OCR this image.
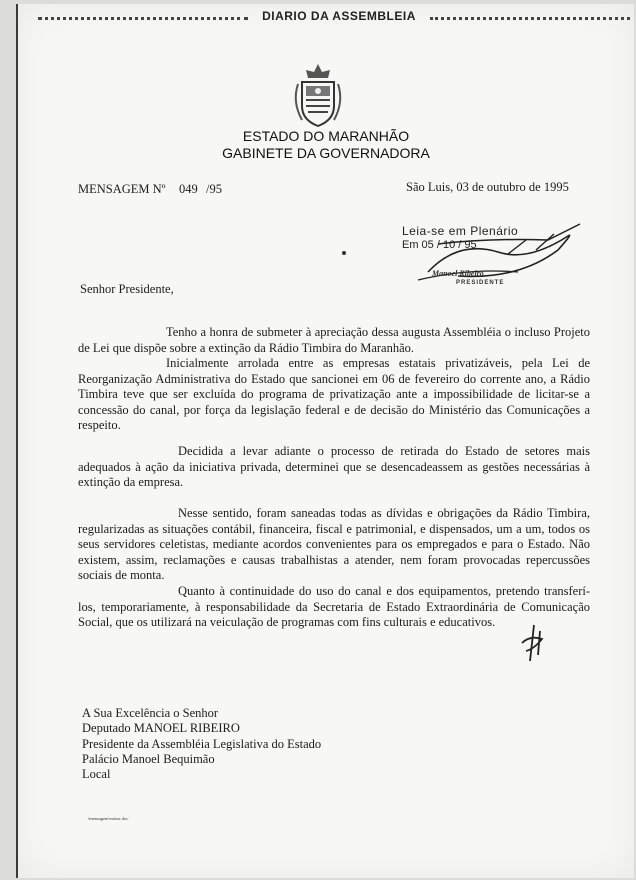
DIARIO DA ASSEMBLEIA
ESTADO DO MARANHÃO
GABINETE DA GOVERNADORA
MENSAGEM Nº 049 /95	São Luis, 03 de outubro de 1995
Leia-se em Plenário
Em 05 / 10 / 95
Manoel Ribeiro
PRESIDENTE
Senhor Presidente,
Tenho a honra de submeter à apreciação dessa augusta Assembléia o incluso Projeto de Lei que dispõe sobre a extinção da Rádio Timbira do Maranhão.
Inicialmente arrolada entre as empresas estatais privatizáveis, pela Lei de Reorganização Administrativa do Estado que sancionei em 06 de fevereiro do corrente ano, a Rádio Timbira teve que ser excluída do programa de privatização ante a impossibilidade de licitar-se a concessão do canal, por força da legislação federal e de decisão do Ministério das Comunicações a respeito.
Decidida a levar adiante o processo de retirada do Estado de setores mais adequados à ação da iniciativa privada, determinei que se desencadeassem as gestões necessárias à extinção da empresa.
Nesse sentido, foram saneadas todas as dívidas e obrigações da Rádio Timbira, regularizadas as situações contábil, financeira, fiscal e patrimonial, e dispensados, um a um, todos os seus servidores celetistas, mediante acordos convenientes para os empregados e para o Estado. Não existem, assim, reclamações e causas trabalhistas a atender, nem foram provocadas repercussões sociais de monta.
Quanto à continuidade do uso do canal e dos equipamentos, pretendo transferí-los, temporariamente, à responsabilidade da Secretaria de Estado Extraordinária de Comunicação Social, que os utilizará na veiculação de programas com fins culturais e educativos.
A Sua Excelência o Senhor
Deputado MANOEL RIBEIRO
Presidente da Assembléia Legislativa do Estado
Palácio Manoel Bequimão
Local
\mensagem\extinc.doc
